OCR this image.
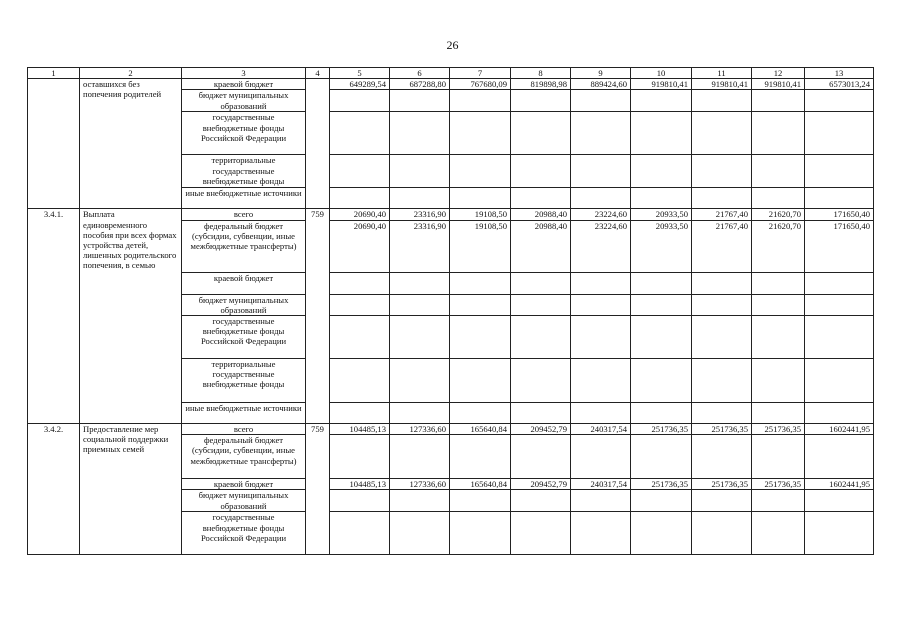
26
1	2	3	4	5	6	7	8	9	10	11	12	13
	оставшихся без попечения родителей	краевой бюджет		649289,54	687288,80	767680,09	819898,98	889424,60	919810,41	919810,41	919810,41	6573013,24
		бюджет муниципальных образований										
		государственные внебюджетные фонды Российской Федерации										
		территориальные государственные внебюджетные фонды										
		иные внебюджетные источники										
3.4.1.	Выплата единовременного пособия при всех формах устройства детей, лишенных родительского попечения, в семью	всего	759	20690,40	23316,90	19108,50	20988,40	23224,60	20933,50	21767,40	21620,70	171650,40
		федеральный бюджет (субсидии, субвенции, иные межбюджетные трансферты)		20690,40	23316,90	19108,50	20988,40	23224,60	20933,50	21767,40	21620,70	171650,40
		краевой бюджет										
		бюджет муниципальных образований										
		государственные внебюджетные фонды Российской Федерации										
		территориальные государственные внебюджетные фонды										
		иные внебюджетные источники										
3.4.2.	Предоставление мер социальной поддержки приемных семей	всего	759	104485,13	127336,60	165640,84	209452,79	240317,54	251736,35	251736,35	251736,35	1602441,95
		федеральный бюджет (субсидии, субвенции, иные межбюджетные трансферты)										
		краевой бюджет		104485,13	127336,60	165640,84	209452,79	240317,54	251736,35	251736,35	251736,35	1602441,95
		бюджет муниципальных образований										
		государственные внебюджетные фонды Российской Федерации										
